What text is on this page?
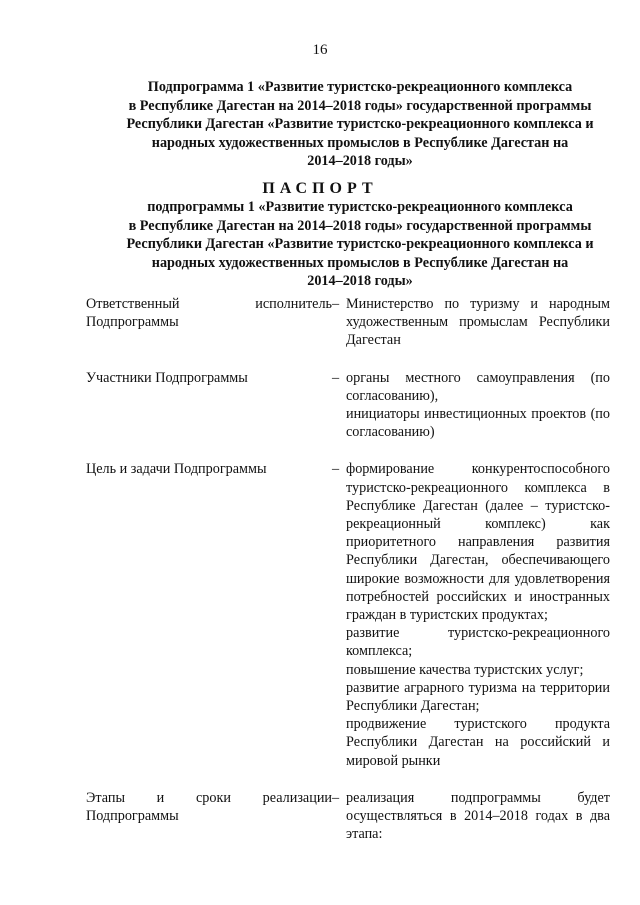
16
Подпрограмма 1 «Развитие туристско-рекреационного комплекса
в Республике Дагестан на 2014–2018 годы» государственной программы
Республики Дагестан «Развитие туристско-рекреационного комплекса и
народных художественных промыслов в Республике Дагестан на
2014–2018 годы»
ПАСПОРТ
подпрограммы 1 «Развитие туристско-рекреационного комплекса
в Республике Дагестан на 2014–2018 годы» государственной программы
Республики Дагестан «Развитие туристско-рекреационного комплекса и
народных художественных промыслов в Республике Дагестан на
2014–2018 годы»
Ответственный исполнитель
Подпрограммы
– Министерство по туризму и народным художественным промыслам Республики Дагестан

Участники Подпрограммы	– органы местного самоуправления (по согласованию),

инициаторы инвестиционных проектов (по согласованию)

Цель и задачи Подпрограммы	– формирование конкурентоспособного туристско-рекреационного комплекса в Республике Дагестан (далее – туристско-рекреационный комплекс) как приоритетного направления развития Республики Дагестан, обеспечивающего широкие возможности для удовлетворения потребностей российских и иностранных граждан в туристских продуктах;

развитие туристско-рекреационного комплекса;

повышение качества туристских услуг;

развитие аграрного туризма на территории Республики Дагестан;

продвижение туристского продукта Республики Дагестан на российский и мировой рынки

Этапы и сроки реализации
Подпрограммы
– реализация подпрограммы будет осуществляться в 2014–2018 годах в два этапа:
